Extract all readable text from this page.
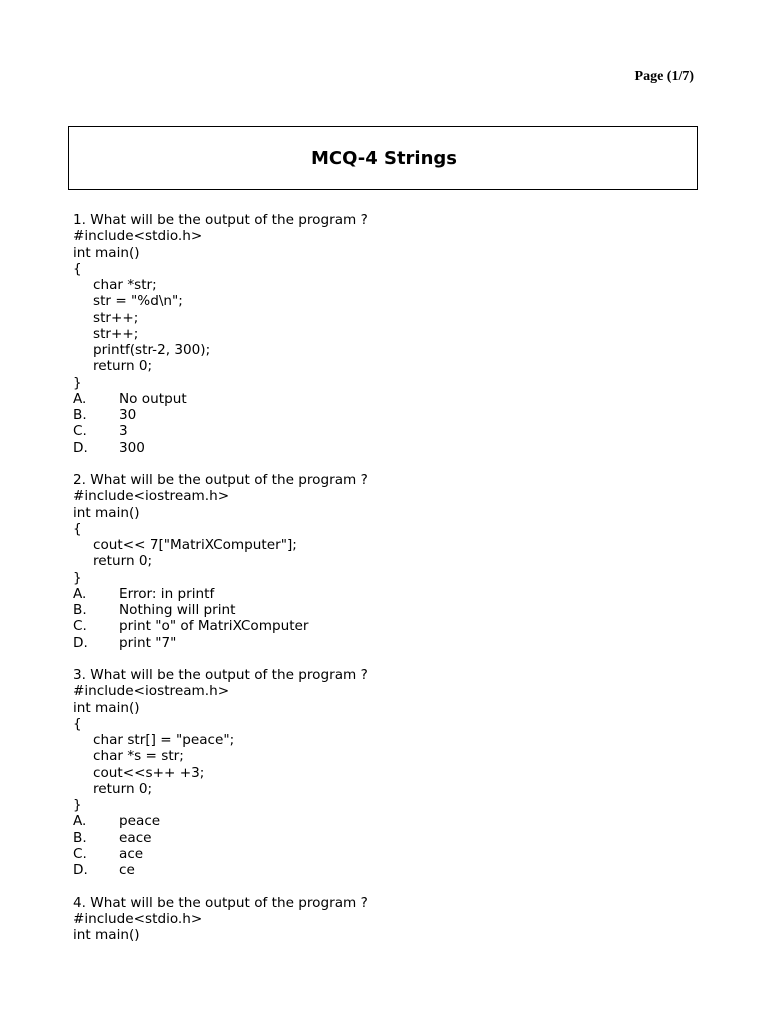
Page (1/7)
MCQ-4 Strings
1. What will be the output of the program ?
#include<stdio.h>
int main()
{
char *str;
str = "%d\n";
str++;
str++;
printf(str-2, 300);
return 0;
}
A.	No output
B.	30
C.	3
D.	300
2. What will be the output of the program ?
#include<iostream.h>
int main()
{
cout<< 7["MatriXComputer"];
return 0;
}
A.	Error: in printf
B.	Nothing will print
C.	print "o" of MatriXComputer
D.	print "7"
3. What will be the output of the program ?
#include<iostream.h>
int main()
{
char str[] = "peace";
char *s = str;
cout<<s++ +3;
return 0;
}
A.	peace
B.	eace
C.	ace
D.	ce
4. What will be the output of the program ?
#include<stdio.h>
int main()
